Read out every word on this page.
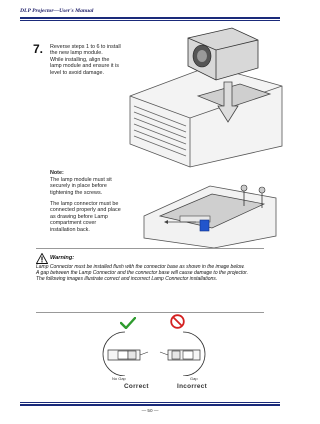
DLP Projector—User's Manual
7. Reverse steps 1 to 6 to install the new lamp module.
While installing, align the lamp module and ensure it is level to avoid damage.
Note:
The lamp module must sit securely in place before tightening the screws.
The lamp connector must be connected properly and place as drawing before Lamp compartment cover installation back.
Warning:
Lamp Connector must be installed flush with the connector base as shown in the image below.
A gap between the Lamp Connector and the connector base will cause damage to the projector.
The following images illustrate correct and incorrect Lamp Connector installations.
No Gap	Gap
Correct	Incorrect
— 50 —
